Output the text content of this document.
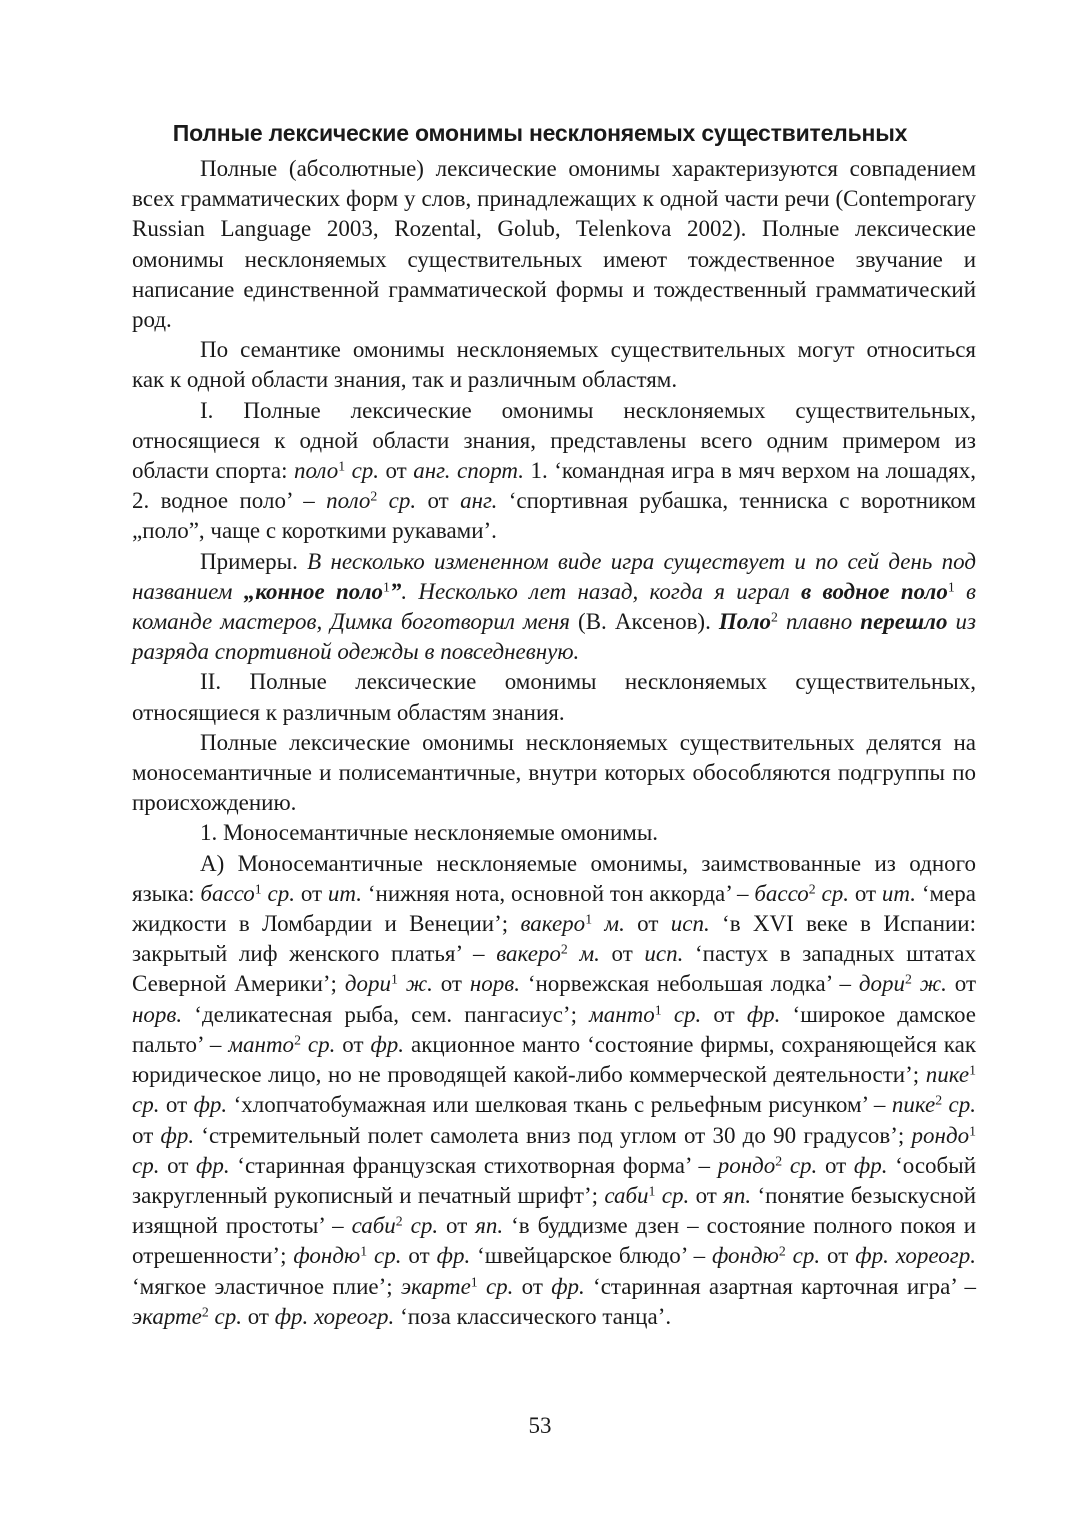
Полные лексические омонимы несклоняемых существительных

Полные (абсолютные) лексические омонимы характеризуются совпадением всех грамматических форм у слов, принадлежащих к одной части речи (Contemporary Russian Language 2003, Rozental, Golub, Telenkova 2002). Полные лексические омонимы несклоняемых существительных имеют тождественное звучание и написание единственной грамматической формы и тождественный грамматический род.

По семантике омонимы несклоняемых существительных могут относиться как к одной области знания, так и различным областям.

I. Полные лексические омонимы несклоняемых существительных, относящиеся к одной области знания, представлены всего одним примером из области спорта: поло$^1$ ср. от анг. спорт. 1. ‘командная игра в мяч верхом на лошадях, 2. водное поло’ – поло$^2$ ср. от анг. ‘спортивная рубашка, тенниска с воротником „поло”, чаще с короткими рукавами’.

Примеры. В несколько измененном виде игра существует и по сей день под названием „конное поло$^1$”. Несколько лет назад, когда я играл в водное поло$^1$ в команде мастеров, Димка боготворил меня (В. Аксенов). Поло$^2$ плавно перешло из разряда спортивной одежды в повседневную.

II. Полные лексические омонимы несклоняемых существительных, относящиеся к различным областям знания.

Полные лексические омонимы несклоняемых существительных делятся на моносемантичные и полисемантичные, внутри которых обособляются подгруппы по происхождению.

1. Моносемантичные несклоняемые омонимы.

А) Моносемантичные несклоняемые омонимы, заимствованные из одного языка: бассо$^1$ ср. от ит. ‘нижняя нота, основной тон аккорда’ – бассо$^2$ ср. от ит. ‘мера жидкости в Ломбардии и Венеции’; вакеро$^1$ м. от исп. ‘в XVI веке в Испании: закрытый лиф женского платья’ – вакеро$^2$ м. от исп. ‘пастух в западных штатах Северной Америки’; дори$^1$ ж. от норв. ‘норвежская небольшая лодка’ – дори$^2$ ж. от норв. ‘деликатесная рыба, сем. пангасиус’; манто$^1$ ср. от фр. ‘широкое дамское пальто’ – манто$^2$ ср. от фр. акционное манто ‘состояние фирмы, сохраняющейся как юридическое лицо, но не проводящей какой-либо коммерческой деятельности’; пике$^1$ ср. от фр. ‘хлопчатобумажная или шелковая ткань с рельефным рисунком’ – пике$^2$ ср. от фр. ‘стремительный полет самолета вниз под углом от 30 до 90 градусов’; рондо$^1$ ср. от фр. ‘старинная французская стихотворная форма’ – рондо$^2$ ср. от фр. ‘особый закругленный рукописный и печатный шрифт’; саби$^1$ ср. от яп. ‘понятие безыскусной изящной простоты’ – саби$^2$ ср. от яп. ‘в буддизме дзен – состояние полного покоя и отрешенности’; фондю$^1$ ср. от фр. ‘швейцарское блюдо’ – фондю$^2$ ср. от фр. хореогр. ‘мягкое эластичное плие’; экарте$^1$ ср. от фр. ‘старинная азартная карточная игра’ – экарте$^2$ ср. от фр. хореогр. ‘поза классического танца’.

53
